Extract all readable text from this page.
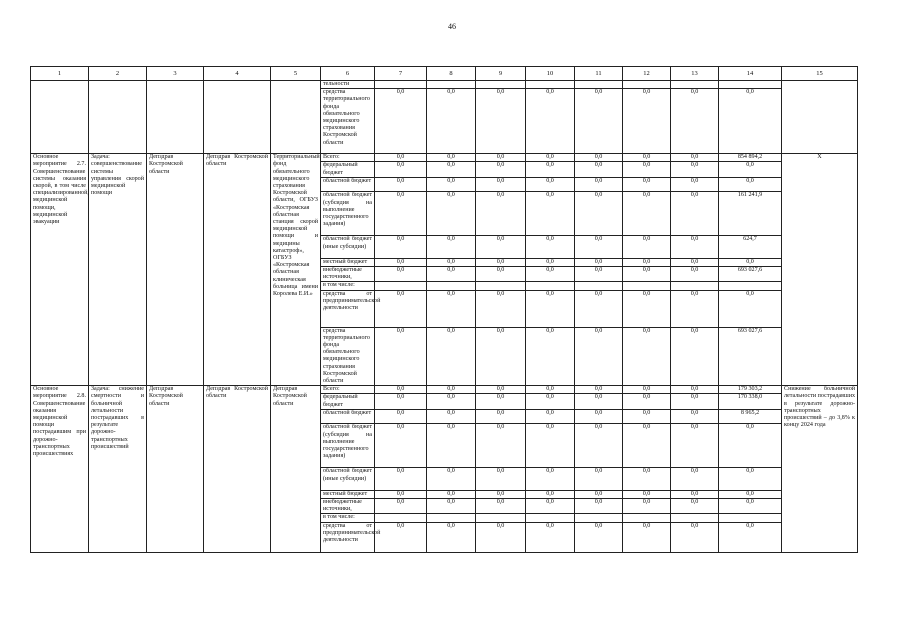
46
1	2	3	4	5	6	7	8	9	10	11	12	13	14	15
					тельности									
					средства территориального фонда обязательного медицинского страхования Костромской области	0,0	0,0	0,0	0,0	0,0	0,0	0,0	0,0	
Основное мероприятие 2.7. Совершенствование системы оказания скорой, в том числе специализированной, медицинской помощи, медицинской эвакуации	Задача: совершенствование системы управления скорой медицинской помощи	Депздрав Костромской области	Депздрав Костромской области	Территориальный фонд обязательного медицинского страхования Костромской области, ОГБУЗ «Костромская областная станция скорой медицинской помощи и медицины катастроф», ОГБУЗ «Костромская областная клиническая больница имени Королева Е.И.»	Всего:	0,0	0,0	0,0	0,0	0,0	0,0	0,0	854 894,2	X
					федеральный бюджет	0,0	0,0	0,0	0,0	0,0	0,0	0,0	0,0	
					областной бюджет	0,0	0,0	0,0	0,0	0,0	0,0	0,0	0,0	
					областной бюджет (субсидия на выполнение государственного задания)	0,0	0,0	0,0	0,0	0,0	0,0	0,0	161 241,9	
					областной бюджет (иные субсидии)	0,0	0,0	0,0	0,0	0,0	0,0	0,0	624,7	
					местный бюджет	0,0	0,0	0,0	0,0	0,0	0,0	0,0	0,0	
					внебюджетные источники,	0,0	0,0	0,0	0,0	0,0	0,0	0,0	693 027,6	
					в том числе:									
					средства от предпринимательской деятельности	0,0	0,0	0,0	0,0	0,0	0,0	0,0	0,0	
					средства территориального фонда обязательного медицинского страхования Костромской области	0,0	0,0	0,0	0,0	0,0	0,0	0,0	693 027,6	
Основное мероприятие 2.8. Совершенствование оказания медицинской помощи пострадавшим при дорожно-транспортных происшествиях	Задача: снижение смертности и больничной летальности пострадавших в результате дорожно-транспортных происшествий	Депздрав Костромской области	Депздрав Костромской области	Депздрав Костромской области	Всего:	0,0	0,0	0,0	0,0	0,0	0,0	0,0	179 303,2	Снижение больничной летальности пострадавших в результате дорожно-транспортных происшествий – до 3,8% к концу 2024 года
					федеральный бюджет	0,0	0,0	0,0	0,0	0,0	0,0	0,0	170 338,0	
					областной бюджет	0,0	0,0	0,0	0,0	0,0	0,0	0,0	8 965,2	
					областной бюджет (субсидия на выполнение государственного задания)	0,0	0,0	0,0	0,0	0,0	0,0	0,0	0,0	
					областной бюджет (иные субсидии)	0,0	0,0	0,0	0,0	0,0	0,0	0,0	0,0	
					местный бюджет	0,0	0,0	0,0	0,0	0,0	0,0	0,0	0,0	
					внебюджетные источники,	0,0	0,0	0,0	0,0	0,0	0,0	0,0	0,0	
					в том числе:									
					средства от предпринимательской деятельности	0,0	0,0	0,0	0,0	0,0	0,0	0,0	0,0	
